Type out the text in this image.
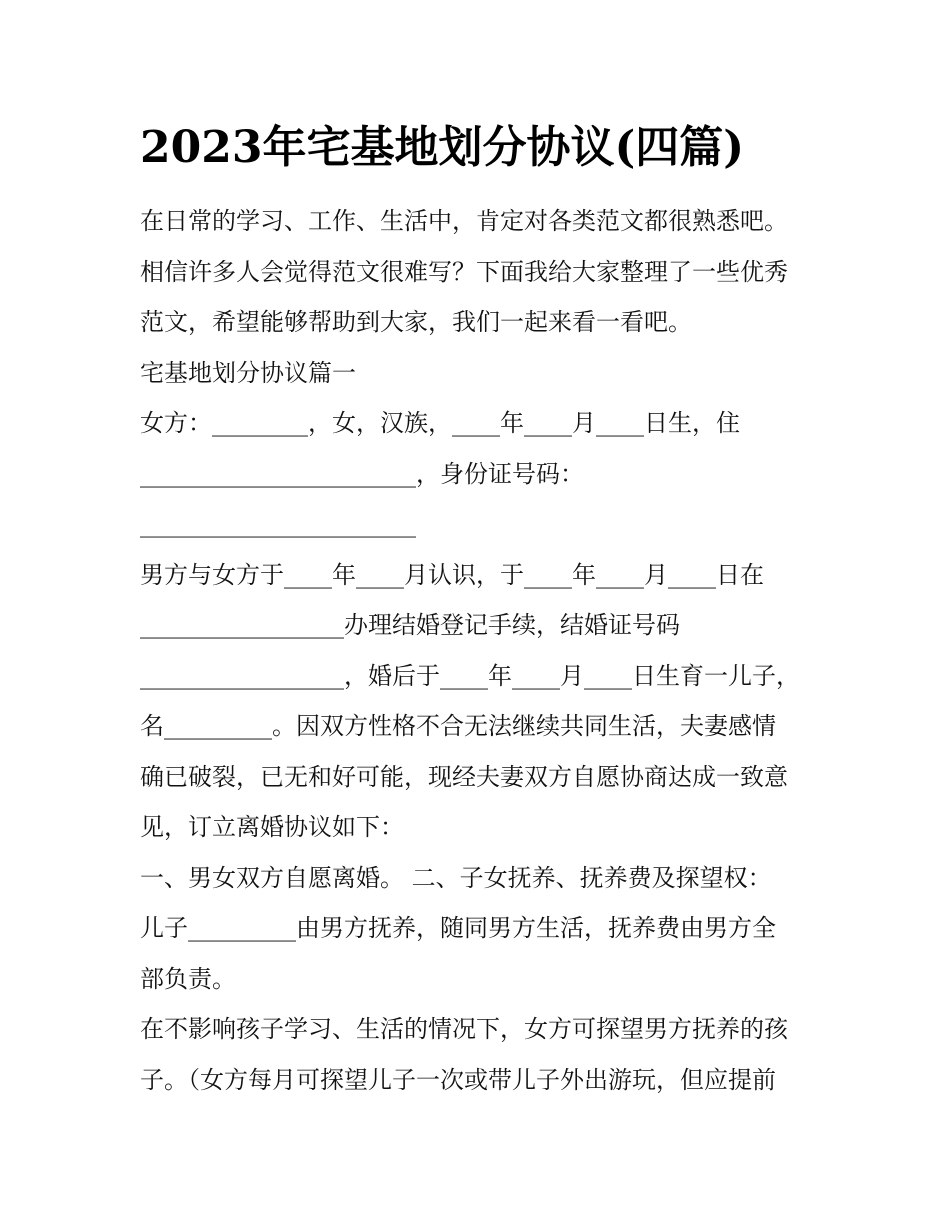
2023年宅基地划分协议(四篇)
在日常的学习、工作、生活中，肯定对各类范文都很熟悉吧。
相信许多人会觉得范文很难写？下面我给大家整理了一些优秀
范文，希望能够帮助到大家，我们一起来看一看吧。
宅基地划分协议篇一
女方：________，女，汉族，____年____月____日生，住
_______________________，身份证号码：
_______________________
男方与女方于____年____月认识，于____年____月____日在
_________________办理结婚登记手续，结婚证号码
_________________，婚后于____年____月____日生育一儿子，
名_________。因双方性格不合无法继续共同生活，夫妻感情
确已破裂，已无和好可能，现经夫妻双方自愿协商达成一致意
见，订立离婚协议如下：
一、男女双方自愿离婚。 二、子女抚养、抚养费及探望权：
儿子_________由男方抚养，随同男方生活，抚养费由男方全
部负责。
在不影响孩子学习、生活的情况下，女方可探望男方抚养的孩
子。（女方每月可探望儿子一次或带儿子外出游玩，但应提前
